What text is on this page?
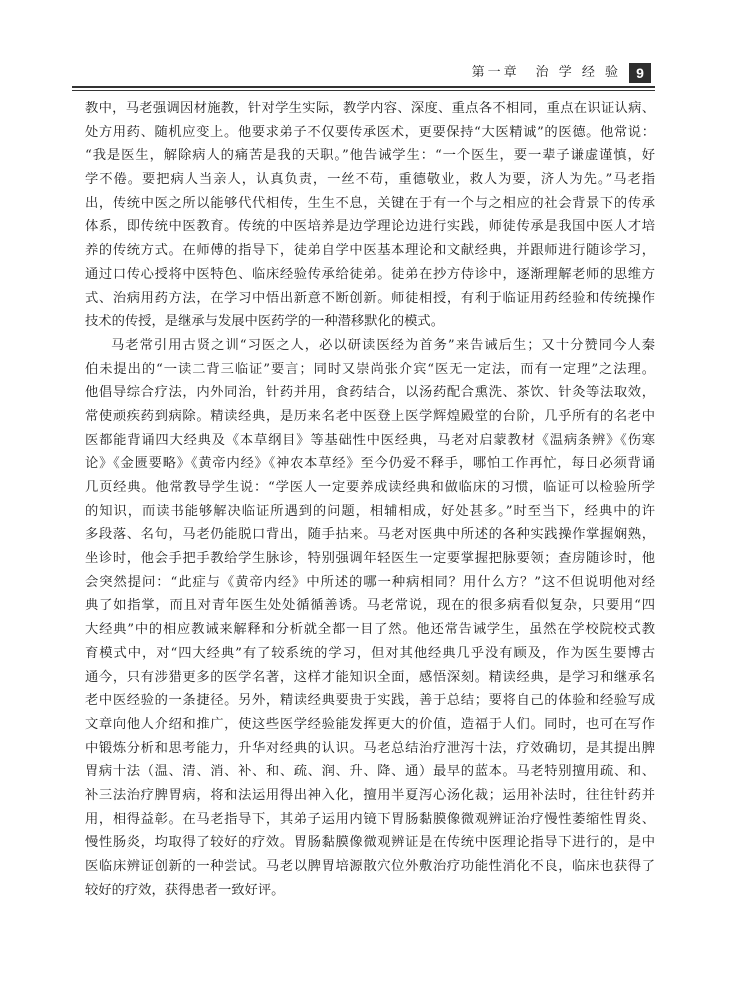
第一章　治 学 经 验	9
教中，马老强调因材施教，针对学生实际，教学内容、深度、重点各不相同，重点在识证认病、
处方用药、随机应变上。他要求弟子不仅要传承医术，更要保持“大医精诚”的医德。他常说：
“我是医生，解除病人的痛苦是我的天职。”他告诫学生：“一个医生，要一辈子谦虚谨慎，好
学不倦。要把病人当亲人，认真负责，一丝不苟，重德敬业，救人为要，济人为先。”马老指
出，传统中医之所以能够代代相传，生生不息，关键在于有一个与之相应的社会背景下的传承
体系，即传统中医教育。传统的中医培养是边学理论边进行实践，师徒传承是我国中医人才培
养的传统方式。在师傅的指导下，徒弟自学中医基本理论和文献经典，并跟师进行随诊学习，
通过口传心授将中医特色、临床经验传承给徒弟。徒弟在抄方侍诊中，逐渐理解老师的思维方
式、治病用药方法，在学习中悟出新意不断创新。师徒相授，有利于临证用药经验和传统操作
技术的传授，是继承与发展中医药学的一种潜移默化的模式。
马老常引用古贤之训“习医之人，必以研读医经为首务”来告诫后生；又十分赞同今人秦
伯未提出的“一读二背三临证”要言；同时又崇尚张介宾“医无一定法，而有一定理”之法理。
他倡导综合疗法，内外同治，针药并用，食药结合，以汤药配合熏洗、茶饮、针灸等法取效，
常使顽疾药到病除。精读经典，是历来名老中医登上医学辉煌殿堂的台阶，几乎所有的名老中
医都能背诵四大经典及《本草纲目》等基础性中医经典，马老对启蒙教材《温病条辨》《伤寒
论》《金匮要略》《黄帝内经》《神农本草经》至今仍爱不释手，哪怕工作再忙，每日必须背诵
几页经典。他常教导学生说：“学医人一定要养成读经典和做临床的习惯，临证可以检验所学
的知识，而读书能够解决临证所遇到的问题，相辅相成，好处甚多。”时至当下，经典中的许
多段落、名句，马老仍能脱口背出，随手拈来。马老对医典中所述的各种实践操作掌握娴熟，
坐诊时，他会手把手教给学生脉诊，特别强调年轻医生一定要掌握把脉要领；查房随诊时，他
会突然提问：“此症与《黄帝内经》中所述的哪一种病相同？用什么方？”这不但说明他对经
典了如指掌，而且对青年医生处处循循善诱。马老常说，现在的很多病看似复杂，只要用“四
大经典”中的相应教诫来解释和分析就全都一目了然。他还常告诫学生，虽然在学校院校式教
育模式中，对“四大经典”有了较系统的学习，但对其他经典几乎没有顾及，作为医生要博古
通今，只有涉猎更多的医学名著，这样才能知识全面，感悟深刻。精读经典，是学习和继承名
老中医经验的一条捷径。另外，精读经典要贵于实践，善于总结；要将自己的体验和经验写成
文章向他人介绍和推广，使这些医学经验能发挥更大的价值，造福于人们。同时，也可在写作
中锻炼分析和思考能力，升华对经典的认识。马老总结治疗泄泻十法，疗效确切，是其提出脾
胃病十法（温、清、消、补、和、疏、润、升、降、通）最早的蓝本。马老特别擅用疏、和、
补三法治疗脾胃病，将和法运用得出神入化，擅用半夏泻心汤化裁；运用补法时，往往针药并
用，相得益彰。在马老指导下，其弟子运用内镜下胃肠黏膜像微观辨证治疗慢性萎缩性胃炎、
慢性肠炎，均取得了较好的疗效。胃肠黏膜像微观辨证是在传统中医理论指导下进行的，是中
医临床辨证创新的一种尝试。马老以脾胃培源散穴位外敷治疗功能性消化不良，临床也获得了
较好的疗效，获得患者一致好评。
